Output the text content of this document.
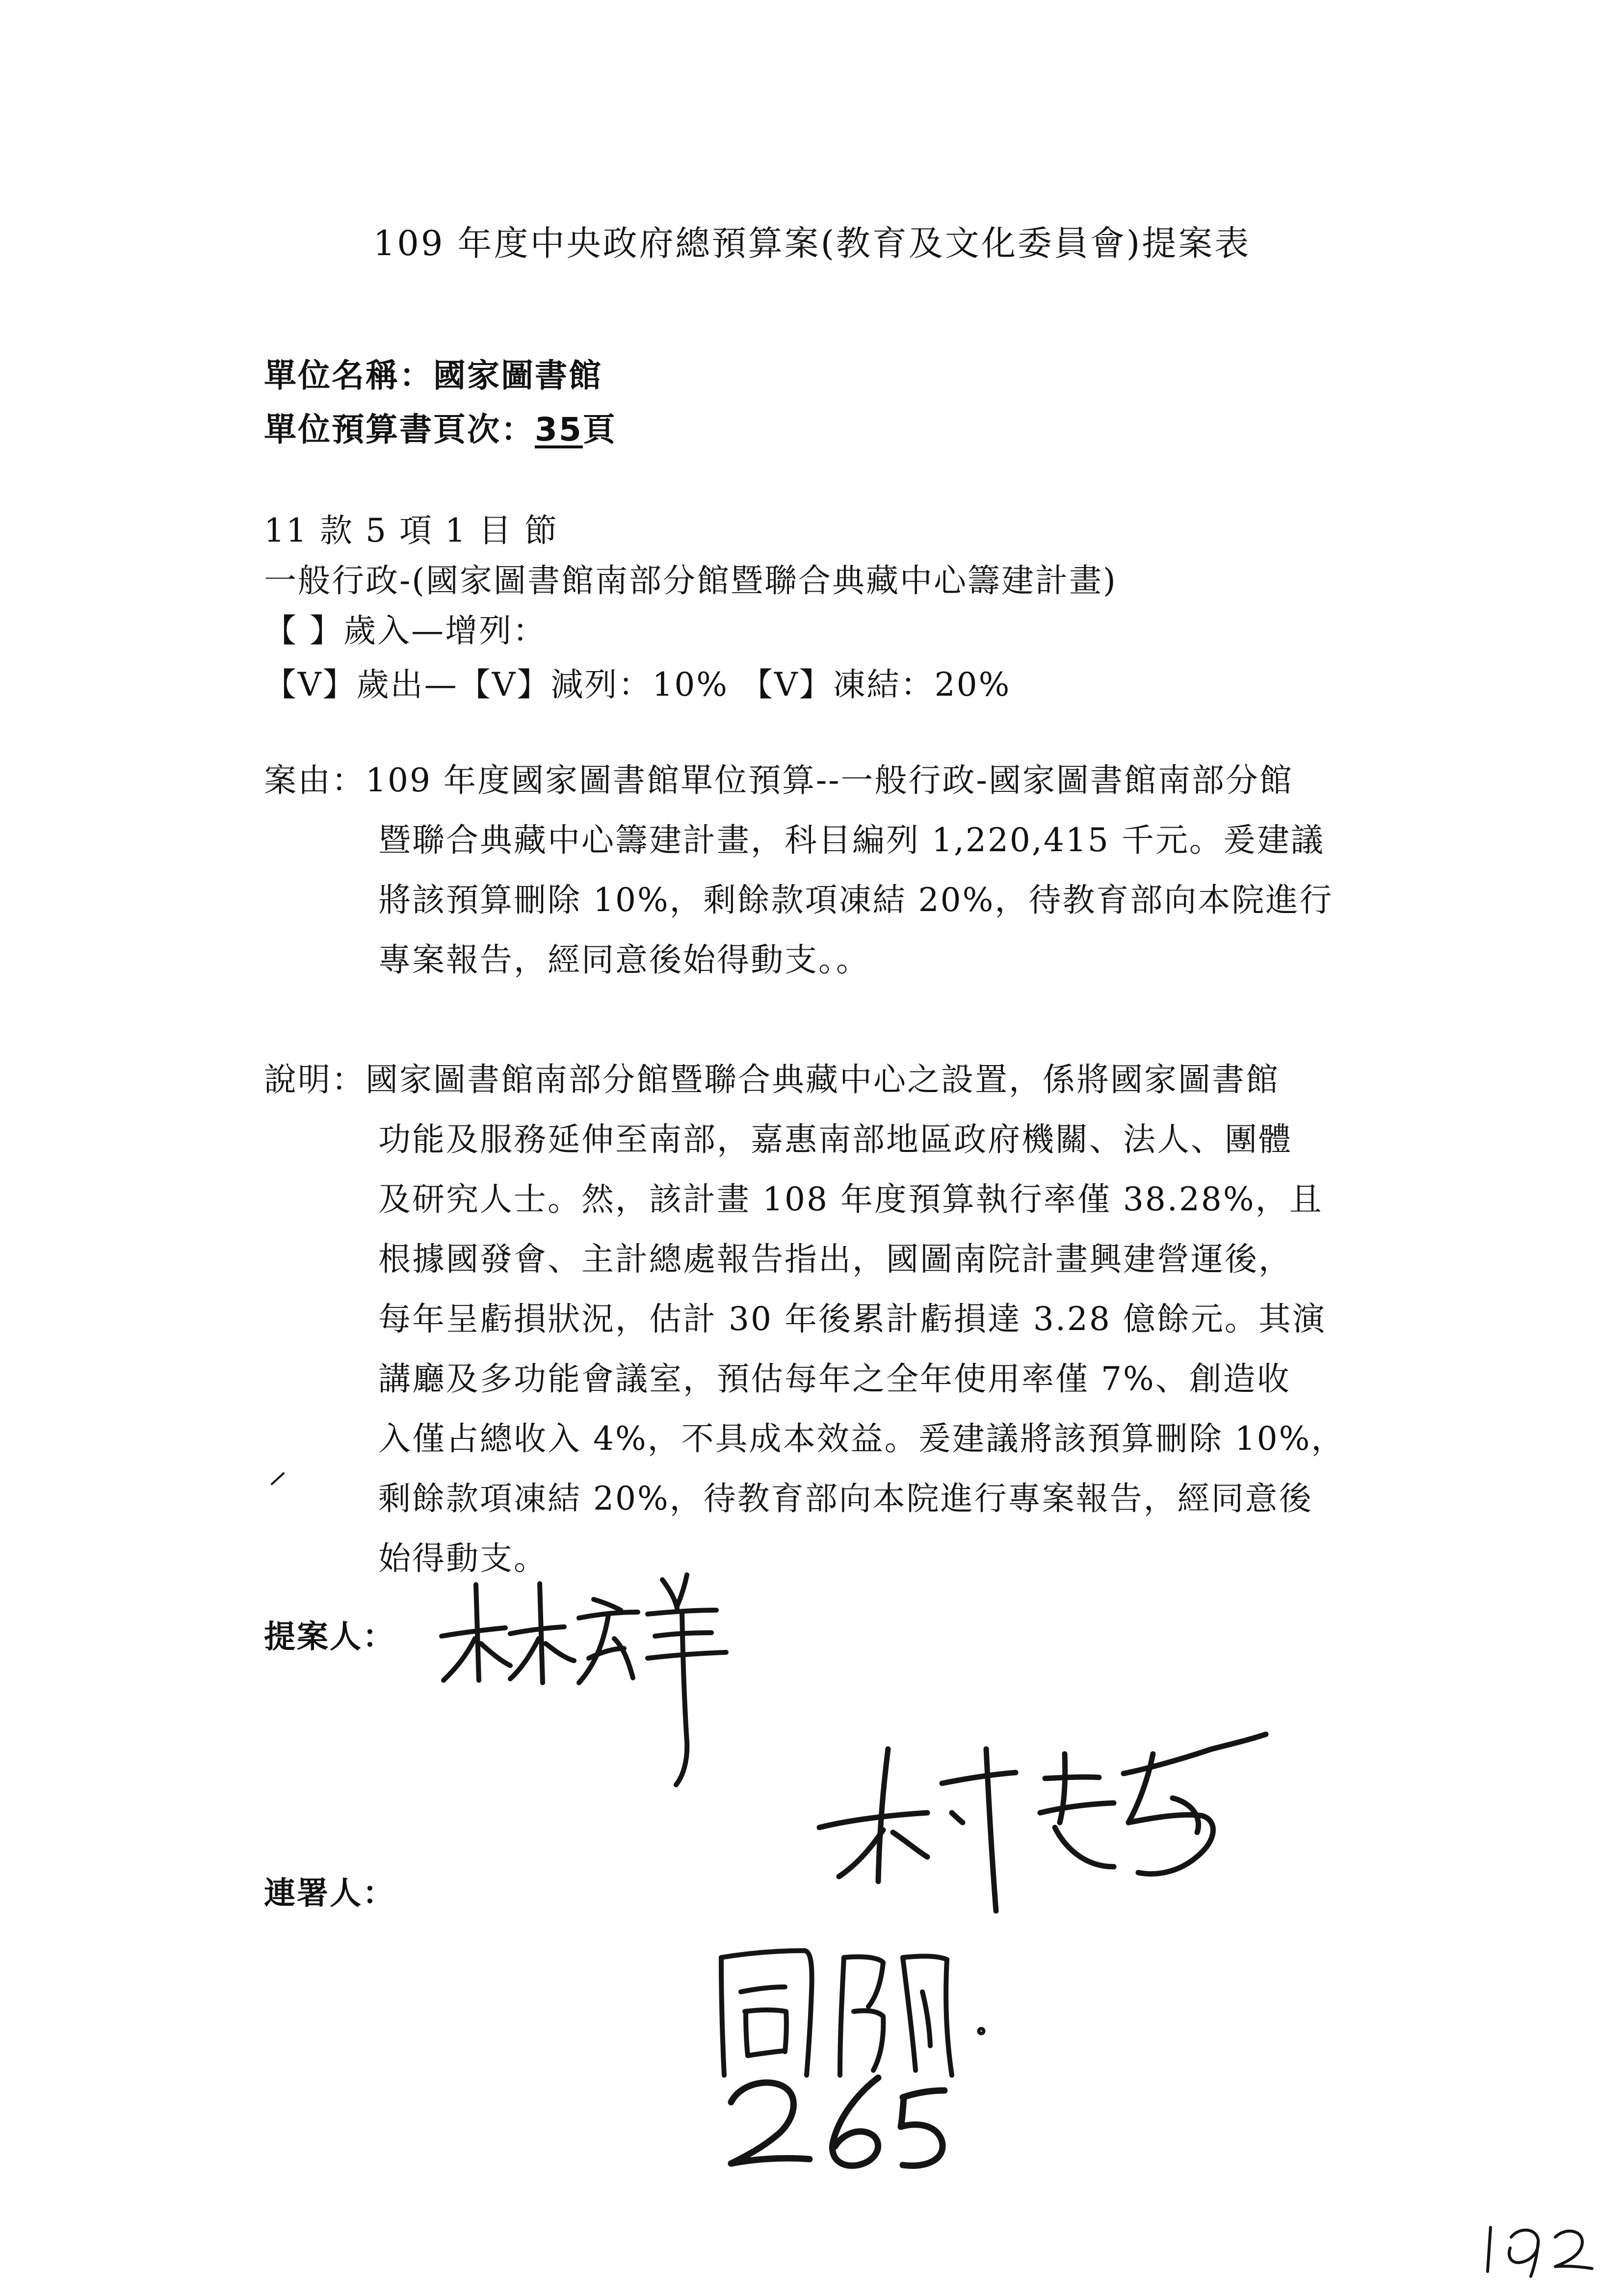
109 年度中央政府總預算案(教育及文化委員會)提案表
單位名稱：國家圖書館
單位預算書頁次：35頁
11 款 5 項 1 目 節
一般行政-(國家圖書館南部分館暨聯合典藏中心籌建計畫)
【 】歲入—增列：
【V】歲出—【V】減列：10% 【V】凍結：20%
案由：109 年度國家圖書館單位預算--一般行政-國家圖書館南部分館
暨聯合典藏中心籌建計畫，科目編列 1,220,415 千元。爰建議
將該預算刪除 10%，剩餘款項凍結 20%，待教育部向本院進行
專案報告，經同意後始得動支。。
說明：國家圖書館南部分館暨聯合典藏中心之設置，係將國家圖書館
功能及服務延伸至南部，嘉惠南部地區政府機關、法人、團體
及研究人士。然，該計畫 108 年度預算執行率僅 38.28%，且
根據國發會、主計總處報告指出，國圖南院計畫興建營運後，
每年呈虧損狀況，估計 30 年後累計虧損達 3.28 億餘元。其演
講廳及多功能會議室，預估每年之全年使用率僅 7%、創造收
入僅占總收入 4%，不具成本效益。爰建議將該預算刪除 10%，
剩餘款項凍結 20%，待教育部向本院進行專案報告，經同意後
始得動支。
提案人：
連署人：
